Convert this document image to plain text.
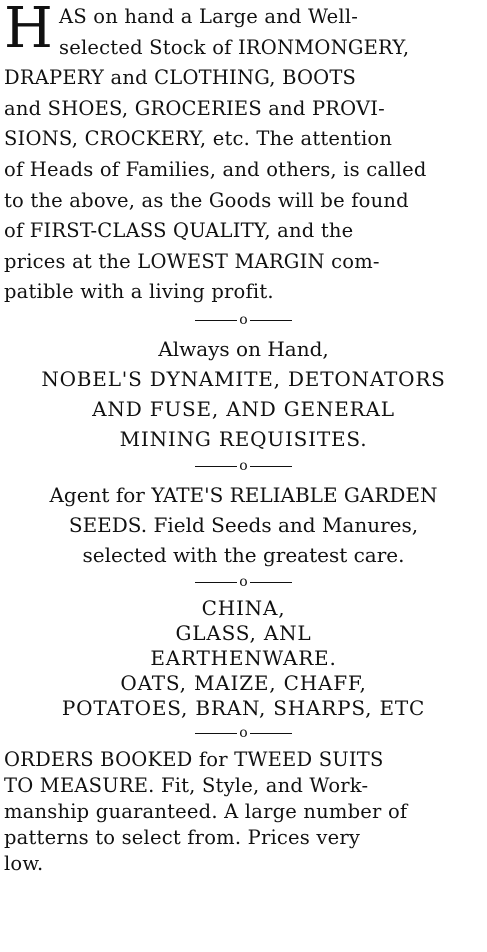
H AS on hand a Large and Well-
selected Stock of IRONMONGERY,
DRAPERY and CLOTHING, BOOTS
and SHOES, GROCERIES and PROVI-
SIONS, CROCKERY, etc. The attention
of Heads of Families, and others, is called
to the above, as the Goods will be found
of FIRST-CLASS QUALITY, and the
prices at the LOWEST MARGIN com-
patible with a living profit.
o
Always on Hand,
NOBEL'S DYNAMITE, DETONATORS
AND FUSE, AND GENERAL
MINING REQUISITES.
o
Agent for YATE'S RELIABLE GARDEN
SEEDS. Field Seeds and Manures,
selected with the greatest care.
o
CHINA,
GLASS, ANL
EARTHENWARE.
OATS, MAIZE, CHAFF,
POTATOES, BRAN, SHARPS, ETC
o
ORDERS BOOKED for TWEED SUITS
TO MEASURE. Fit, Style, and Work-
manship guaranteed. A large number of
patterns to select from. Prices very
low.
